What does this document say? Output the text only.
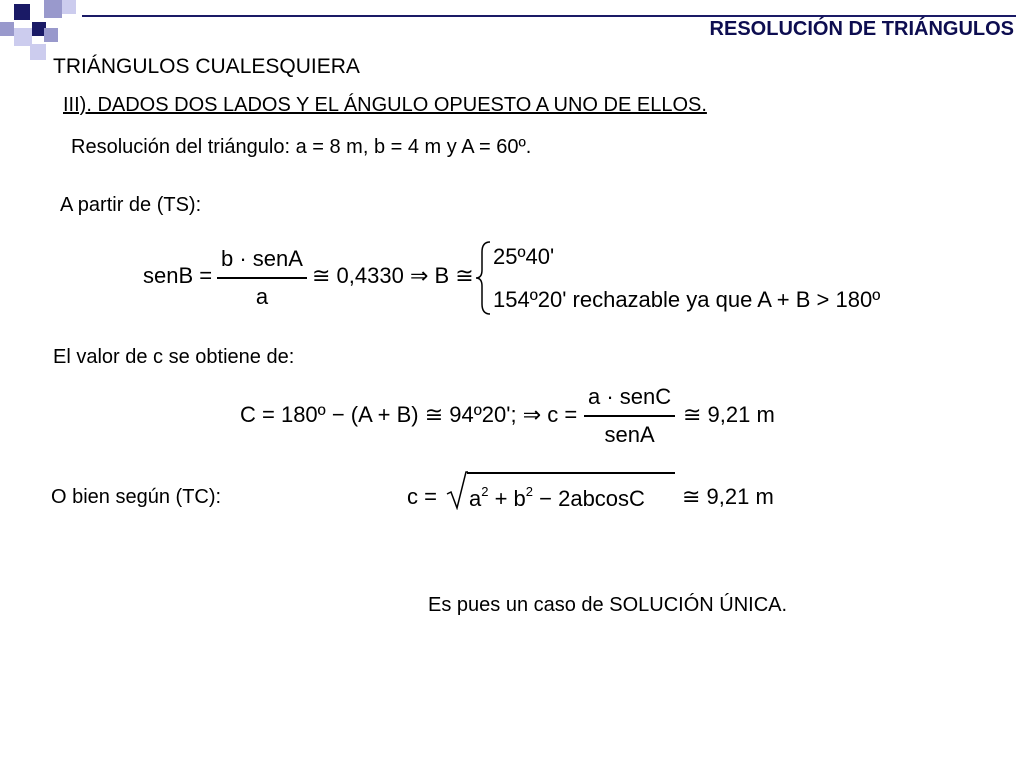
RESOLUCIÓN DE TRIÁNGULOS
TRIÁNGULOS CUALESQUIERA
III). DADOS DOS LADOS Y EL ÁNGULO OPUESTO A UNO DE ELLOS.
Resolución del triángulo: a = 8 m, b = 4 m y A = 60º.
A partir de (TS):
senB =
b · senA
a
≅ 0,4330 ⇒ B ≅
25º40'
154º20' rechazable ya que A + B > 180º
El valor de c se obtiene de:
C = 180º − (A + B) ≅ 94º20'; ⇒ c =
a · senC
senA
≅ 9,21 m
O bien según (TC):	$c = a^2 + b^2 - 2abcosC$ ≅ 9,21 m
Es pues un caso de SOLUCIÓN ÚNICA.
